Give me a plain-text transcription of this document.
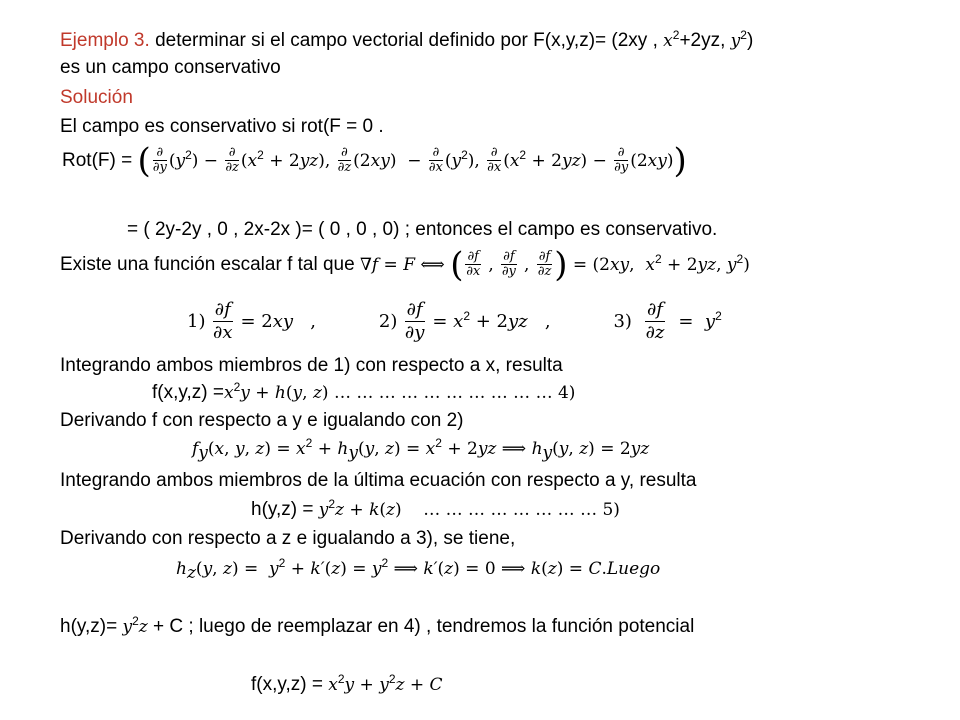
Ejemplo 3. determinar si el campo vectorial definido por F(x,y,z)= (2xy , $x^2+2yz$, $y^2$)
es un campo conservativo
Solución
El campo es conservativo si rot(F = 0 .
Rot(F) = ( $\frac{\partial}{\partial y} (y^2) - \frac{\partial}{\partial z} (x^2 + 2yz)$, $\frac{\partial}{\partial z} (2xy) - \frac{\partial}{\partial x} (y^2)$, $\frac{\partial}{\partial x} (x^2 + 2yz) - \frac{\partial}{\partial y} (2xy)$)
= ( 2y-2y , 0 , 2x-2x )= ( 0 , 0 , 0) ; entonces el campo es conservativo.
Existe una función escalar f tal que ∇f = F ⟺ ( $\frac{\partial f}{\partial x}$ , $\frac{\partial f}{\partial y}$ , $\frac{\partial f}{\partial z}$ ) = (2xy,  $x^2 + 2yz$, $y^2$)
$1) \frac{\partial f}{\partial x} = 2xy$   ,           $2) \frac{\partial f}{\partial y} = x^2 + 2yz$   ,           $3) \frac{\partial f}{\partial z} = y^2$
Integrando ambos miembros de 1) con respecto a x, resulta
$f(x,y,z) =x^2y + h(y$, z) … … … … … … … … … … 4)
Derivando f con respecto a y e igualando con 2)
$f_y(x$, y, $z) = x^2 + h_y(y$, $z) = x^2 + 2yz$ ⟹ $h_y(y$, z) = 2yz
Integrando ambos miembros de la última ecuación con respecto a y, resulta
$h(y,z) = y^2z + k(z)$    … … … … … … … … 5)
Derivando con respecto a z e igualando a 3), se tiene,
$h_z(y$, $z) = y^2 + k'(z) = y^2$ ⟹ k′(z) = 0 ⟹ k(z) = C.Luego
$h(y,z)= y^2z + C$ ; luego de reemplazar en 4) , tendremos la función potencial
$f(x,y,z) = x^2y + y^2z + C$
